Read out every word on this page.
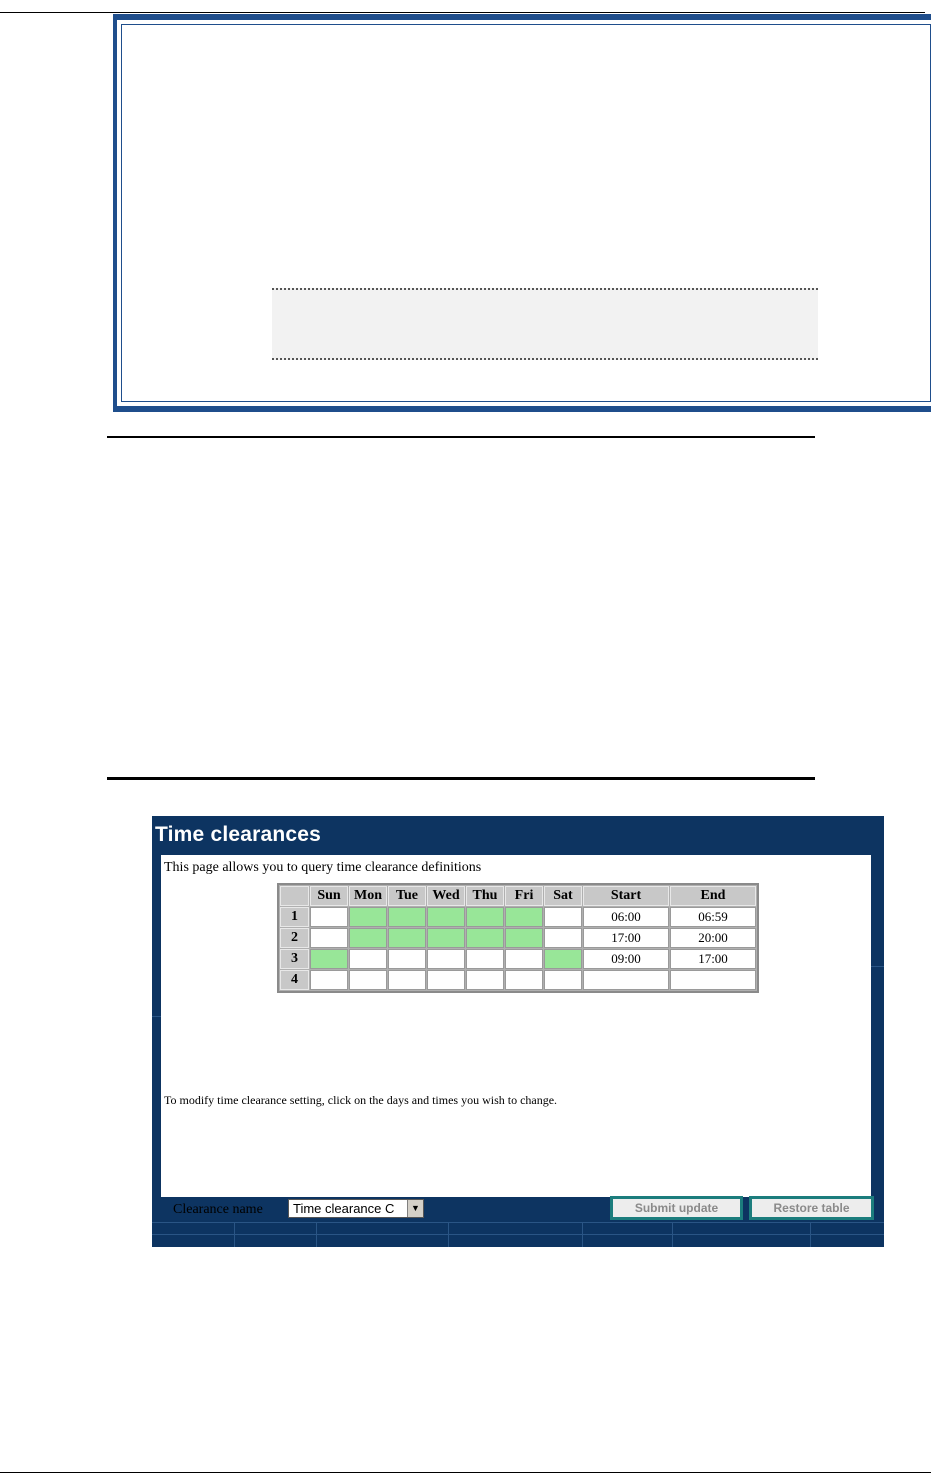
Time clearances
This page allows you to query time clearance definitions
	Sun	Mon	Tue	Wed	Thu	Fri	Sat	Start	End
1								06:00	06:59
2								17:00	20:00
3								09:00	17:00
4									
To modify time clearance setting, click on the days and times you wish to change.
Clearance name Time clearance C	▼	Submit update	Restore table
